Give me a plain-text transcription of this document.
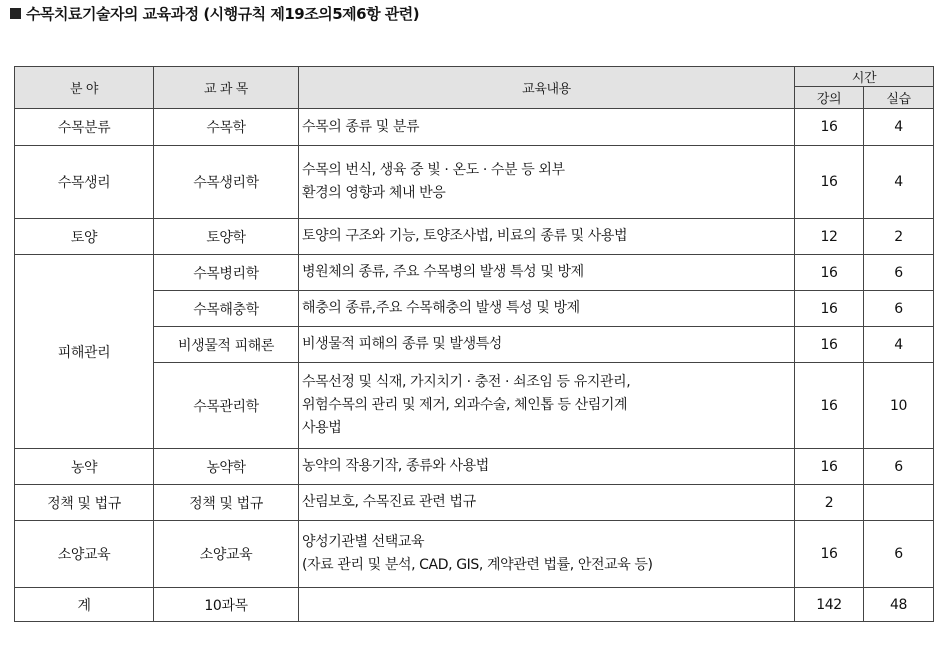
수목치료기술자의 교육과정 (시행규칙 제19조의5제6항 관련)
분 야	교 과 목	교육내용	시간	
			강의	실습
수목분류	수목학	수목의 종류 및 분류	16	4
수목생리	수목생리학	수목의 번식, 생육 중 빛 · 온도 · 수분 등 외부
환경의 영향과 체내 반응	16	4
토양	토양학	토양의 구조와 기능, 토양조사법, 비료의 종류 및 사용법	12	2
피해관리	수목병리학	병원체의 종류, 주요 수목병의 발생 특성 및 방제	16	6
	수목해충학	해충의 종류,주요 수목해충의 발생 특성 및 방제	16	6
	비생물적 피해론	비생물적 피해의 종류 및 발생특성	16	4
	수목관리학	수목선정 및 식재, 가지치기 · 충전 · 쇠조임 등 유지관리,
위험수목의 관리 및 제거, 외과수술, 체인톱 등 산림기계
사용법	16	10
농약	농약학	농약의 작용기작, 종류와 사용법	16	6
정책 및 법규	정책 및 법규	산림보호, 수목진료 관련 법규	2	
소양교육	소양교육	양성기관별 선택교육
(자료 관리 및 분석, CAD, GIS, 계약관련 법률, 안전교육 등)	16	6
계	10과목		142	48
